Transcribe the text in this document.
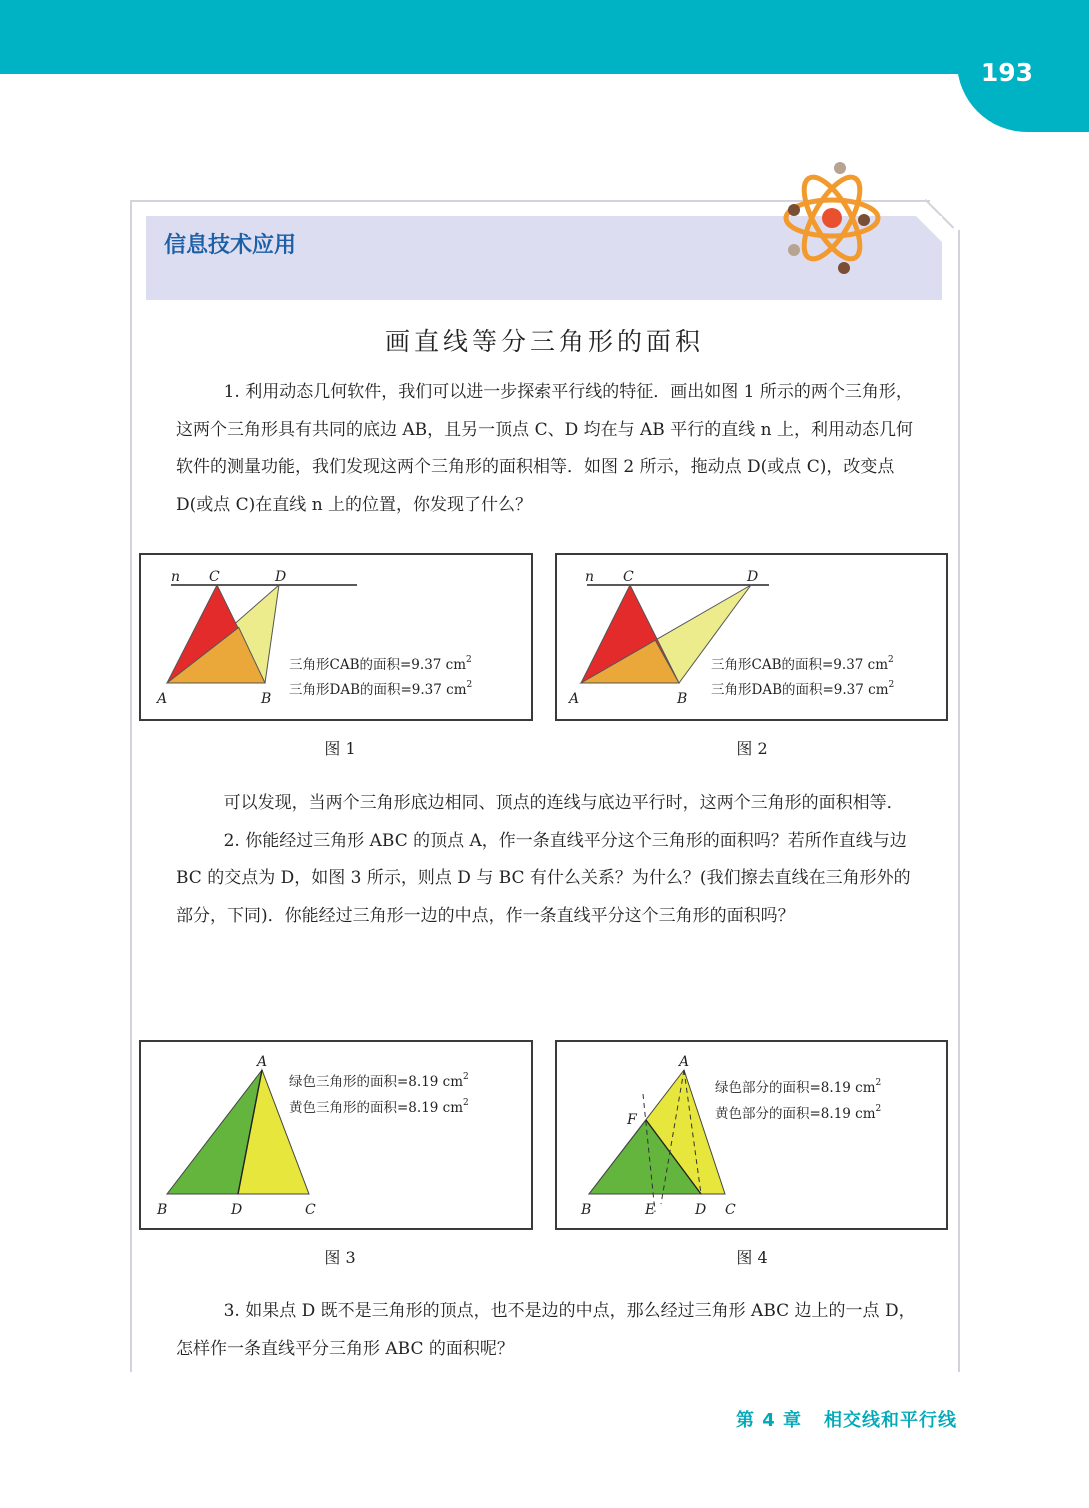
193
信息技术应用
画直线等分三角形的面积

1. 利用动态几何软件，我们可以进一步探索平行线的特征．画出如图 1 所示的两个三角形，这两个三角形具有共同的底边 AB，且另一顶点 C、D 均在与 AB 平行的直线 n 上，利用动态几何软件的测量功能，我们发现这两个三角形的面积相等．如图 2 所示，拖动点 D(或点 C)，改变点 D(或点 C)在直线 n 上的位置，你发现了什么？

n C	D
A	B
三角形CAB的面积=9.37 $cm^2$
三角形DAB的面积=9.37 $cm^2$
图 1
n C	D
A	B
三角形CAB的面积=9.37 $cm^2$
三角形DAB的面积=9.37 $cm^2$
图 2

可以发现，当两个三角形底边相同、顶点的连线与底边平行时，这两个三角形的面积相等．

2. 你能经过三角形 ABC 的顶点 A，作一条直线平分这个三角形的面积吗？若所作直线与边 BC 的交点为 D，如图 3 所示，则点 D 与 BC 有什么关系？为什么？(我们擦去直线在三角形外的部分，下同)．你能经过三角形一边的中点，作一条直线平分这个三角形的面积吗？

A
B	D	C
绿色三角形的面积=8.19 $cm^2$
黄色三角形的面积=8.19 $cm^2$
图 3
A
F
B	E	D C
绿色部分的面积=8.19 $cm^2$
黄色部分的面积=8.19 $cm^2$
图 4

3. 如果点 D 既不是三角形的顶点，也不是边的中点，那么经过三角形 ABC 边上的一点 D，怎样作一条直线平分三角形 ABC 的面积呢？

第 4 章 相交线和平行线
